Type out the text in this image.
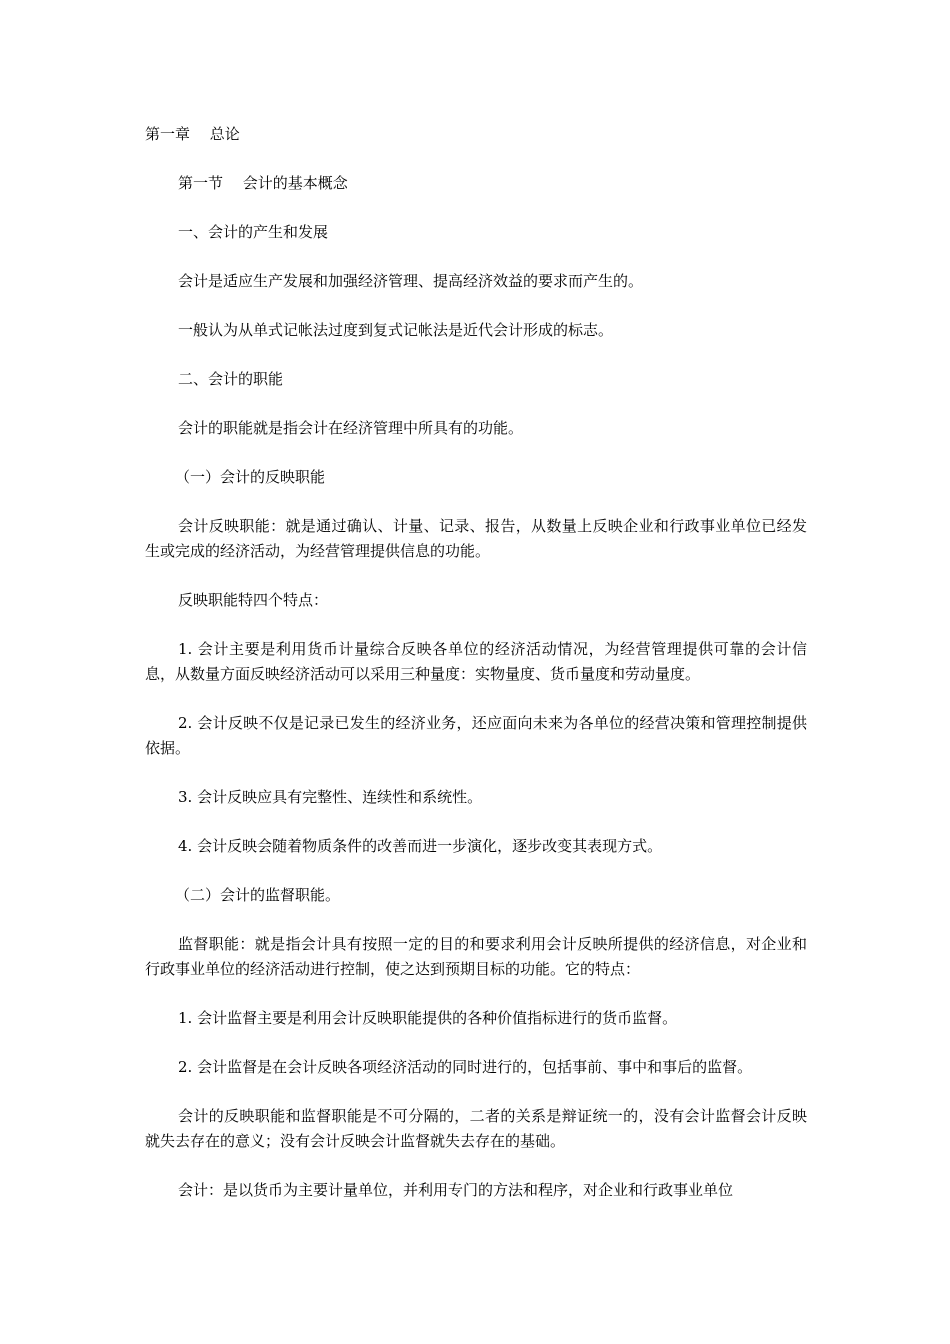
第一章　 总论

第一节　 会计的基本概念

一、会计的产生和发展

会计是适应生产发展和加强经济管理、提高经济效益的要求而产生的。

一般认为从单式记帐法过度到复式记帐法是近代会计形成的标志。

二、会计的职能

会计的职能就是指会计在经济管理中所具有的功能。

（一）会计的反映职能

会计反映职能：就是通过确认、计量、记录、报告，从数量上反映企业和行政事业单位已经发生或完成的经济活动，为经营管理提供信息的功能。

反映职能特四个特点：

1. 会计主要是利用货币计量综合反映各单位的经济活动情况，为经营管理提供可靠的会计信息，从数量方面反映经济活动可以采用三种量度：实物量度、货币量度和劳动量度。

2. 会计反映不仅是记录已发生的经济业务，还应面向未来为各单位的经营决策和管理控制提供依据。

3. 会计反映应具有完整性、连续性和系统性。

4. 会计反映会随着物质条件的改善而进一步演化，逐步改变其表现方式。

（二）会计的监督职能。

监督职能：就是指会计具有按照一定的目的和要求利用会计反映所提供的经济信息，对企业和行政事业单位的经济活动进行控制，使之达到预期目标的功能。它的特点：

1. 会计监督主要是利用会计反映职能提供的各种价值指标进行的货币监督。

2. 会计监督是在会计反映各项经济活动的同时进行的，包括事前、事中和事后的监督。

会计的反映职能和监督职能是不可分隔的，二者的关系是辩证统一的，没有会计监督会计反映就失去存在的意义；没有会计反映会计监督就失去存在的基础。

会计：是以货币为主要计量单位，并利用专门的方法和程序，对企业和行政事业单位
